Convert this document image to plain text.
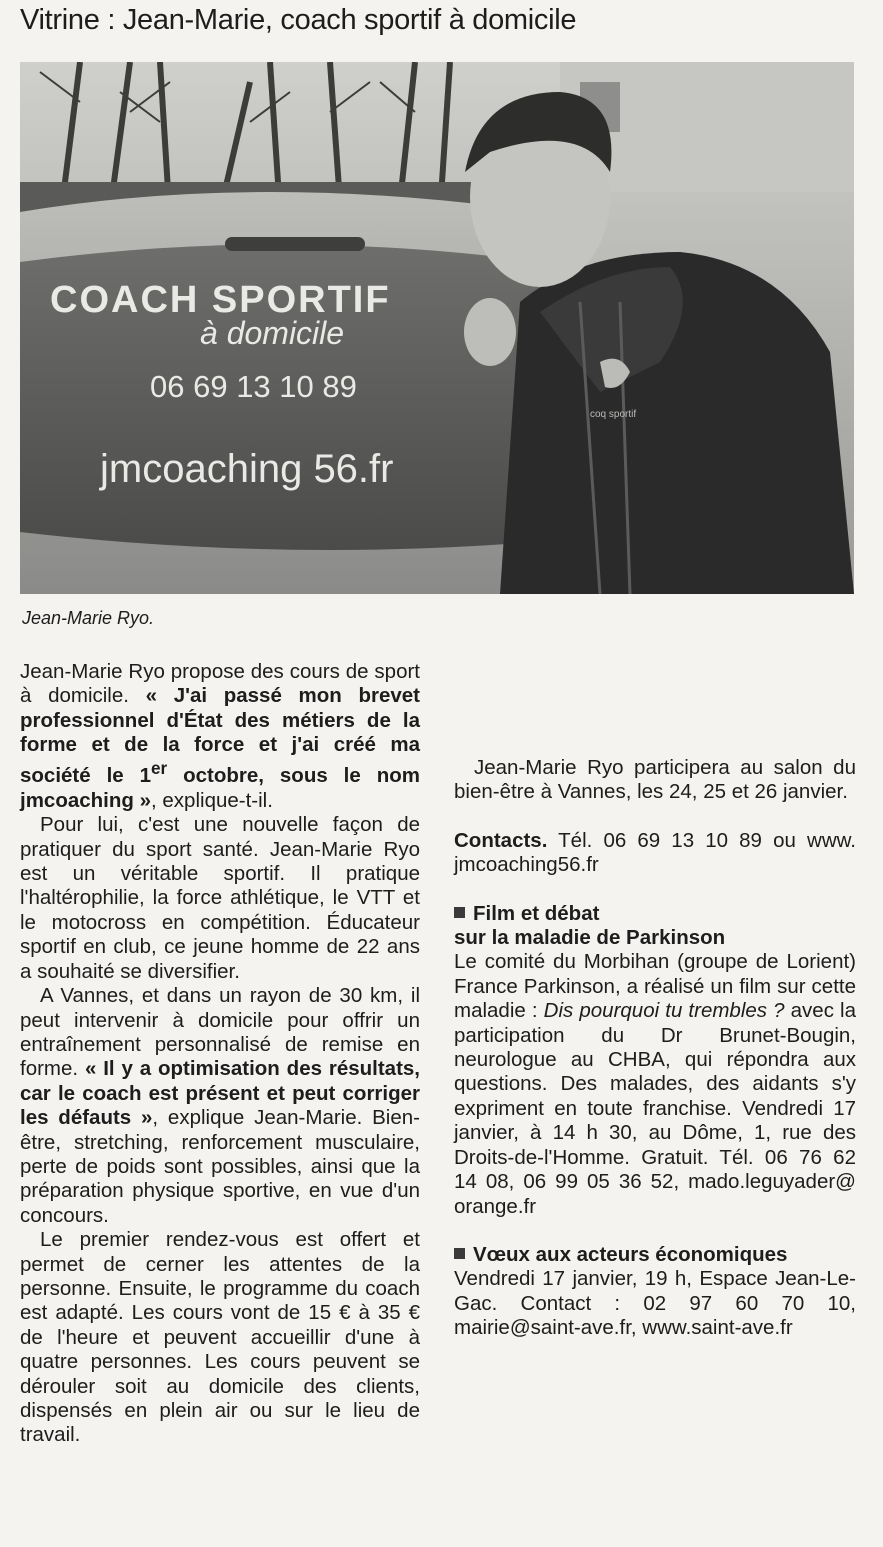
Vitrine : Jean-Marie, coach sportif à domicile
COACH SPORTIF
à domicile
06 69 13 10 89
jmcoaching 56.fr
coq sportif
Jean-Marie Ryo.

Jean-Marie Ryo propose des cours de sport à domicile. « J'ai passé mon brevet professionnel d'État des métiers de la forme et de la force et j'ai créé ma société le 1er octobre, sous le nom jmcoaching », explique-t-il.

Pour lui, c'est une nouvelle façon de pratiquer du sport santé. Jean-Marie Ryo est un véritable sportif. Il pratique l'haltérophilie, la force athlétique, le VTT et le motocross en compétition. Éducateur sportif en club, ce jeune homme de 22 ans a souhaité se diversifier.

A Vannes, et dans un rayon de 30 km, il peut intervenir à domicile pour offrir un entraînement personnalisé de remise en forme. « Il y a optimisation des résultats, car le coach est présent et peut corriger les défauts », explique Jean-Marie. Bien-être, stretching, renforcement musculaire, perte de poids sont possibles, ainsi que la préparation physique sportive, en vue d'un concours.

Le premier rendez-vous est offert et permet de cerner les attentes de la personne. Ensuite, le programme du coach est adapté. Les cours vont de 15 € à 35 € de l'heure et peuvent accueillir d'une à quatre personnes. Les cours peuvent se dérouler soit au domicile des clients, dispensés en plein air ou sur le lieu de travail.

Jean-Marie Ryo participera au salon du bien-être à Vannes, les 24, 25 et 26 janvier.

Contacts. Tél. 06 69 13 10 89 ou www. jmcoaching56.fr

Film et débat
sur la maladie de Parkinson

Le comité du Morbihan (groupe de Lorient) France Parkinson, a réalisé un film sur cette maladie : Dis pourquoi tu trembles ? avec la participation du Dr Brunet-Bougin, neurologue au CHBA, qui répondra aux questions. Des malades, des aidants s'y expriment en toute franchise. Vendredi 17 janvier, à 14 h 30, au Dôme, 1, rue des Droits-de-l'Homme. Gratuit. Tél. 06 76 62 14 08, 06 99 05 36 52, mado.leguyader@ orange.fr

Vœux aux acteurs économiques

Vendredi 17 janvier, 19 h, Espace Jean-Le-Gac. Contact : 02 97 60 70 10, mairie@saint-ave.fr, www.saint-ave.fr
